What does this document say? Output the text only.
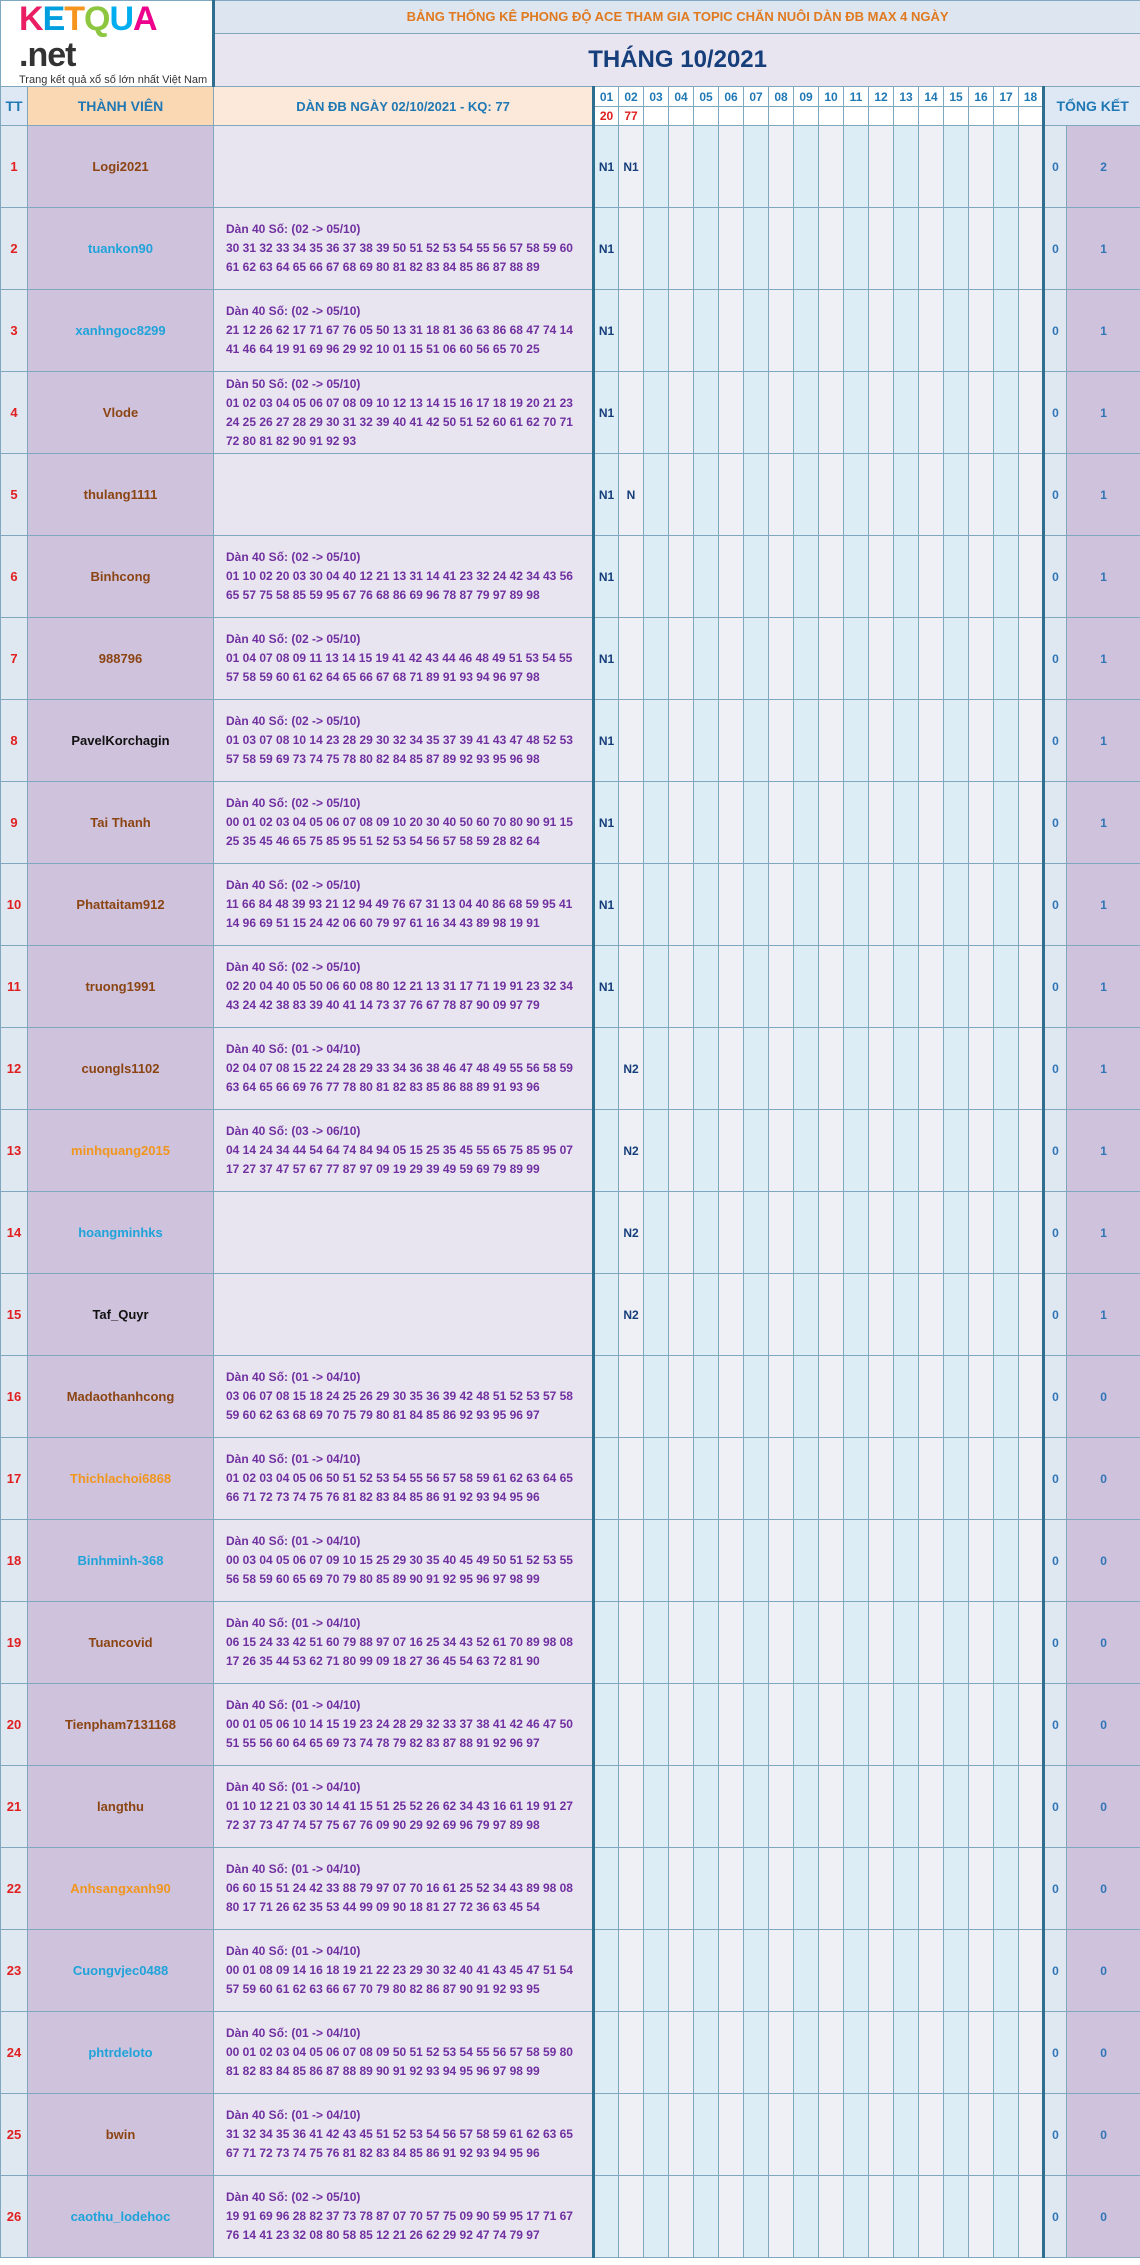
KETQUA.net
Trang kết quả xổ số lớn nhất Việt Nam		BẢNG THỐNG KÊ PHONG ĐỘ ACE THAM GIA TOPIC CHĂN NUÔI DÀN ĐB MAX 4 NGÀY																				
		THÁNG 10/2021																				
TT	THÀNH VIÊN	DÀN ĐB NGÀY 02/10/2021 - KQ: 77	01	02	03	04	05	06	07	08	09	10	11	12	13	14	15	16	17	18	TỔNG KẾT	
			20	77																		
1	Logi2021		N1	N1																	0	2
2	tuankon90	Dàn 40 Số: (02 -> 05/10)
30 31 32 33 34 35 36 37 38 39 50 51 52 53 54 55 56 57 58 59 60
61 62 63 64 65 66 67 68 69 80 81 82 83 84 85 86 87 88 89	N1																		0	1
3	xanhngoc8299	Dàn 40 Số: (02 -> 05/10)
21 12 26 62 17 71 67 76 05 50 13 31 18 81 36 63 86 68 47 74 14
41 46 64 19 91 69 96 29 92 10 01 15 51 06 60 56 65 70 25	N1																		0	1
4	Vlode	Dàn 50 Số: (02 -> 05/10)
01 02 03 04 05 06 07 08 09 10 12 13 14 15 16 17 18 19 20 21 23
24 25 26 27 28 29 30 31 32 39 40 41 42 50 51 52 60 61 62 70 71
72 80 81 82 90 91 92 93	N1																		0	1
5	thulang1111		N1	N																	0	1
6	Binhcong	Dàn 40 Số: (02 -> 05/10)
01 10 02 20 03 30 04 40 12 21 13 31 14 41 23 32 24 42 34 43 56
65 57 75 58 85 59 95 67 76 68 86 69 96 78 87 79 97 89 98	N1																		0	1
7	988796	Dàn 40 Số: (02 -> 05/10)
01 04 07 08 09 11 13 14 15 19 41 42 43 44 46 48 49 51 53 54 55
57 58 59 60 61 62 64 65 66 67 68 71 89 91 93 94 96 97 98	N1																		0	1
8	PavelKorchagin	Dàn 40 Số: (02 -> 05/10)
01 03 07 08 10 14 23 28 29 30 32 34 35 37 39 41 43 47 48 52 53
57 58 59 69 73 74 75 78 80 82 84 85 87 89 92 93 95 96 98	N1																		0	1
9	Tai Thanh	Dàn 40 Số: (02 -> 05/10)
00 01 02 03 04 05 06 07 08 09 10 20 30 40 50 60 70 80 90 91 15
25 35 45 46 65 75 85 95 51 52 53 54 56 57 58 59 28 82 64	N1																		0	1
10	Phattaitam912	Dàn 40 Số: (02 -> 05/10)
11 66 84 48 39 93 21 12 94 49 76 67 31 13 04 40 86 68 59 95 41
14 96 69 51 15 24 42 06 60 79 97 61 16 34 43 89 98 19 91	N1																		0	1
11	truong1991	Dàn 40 Số: (02 -> 05/10)
02 20 04 40 05 50 06 60 08 80 12 21 13 31 17 71 19 91 23 32 34
43 24 42 38 83 39 40 41 14 73 37 76 67 78 87 90 09 97 79	N1																		0	1
12	cuongls1102	Dàn 40 Số: (01 -> 04/10)
02 04 07 08 15 22 24 28 29 33 34 36 38 46 47 48 49 55 56 58 59
63 64 65 66 69 76 77 78 80 81 82 83 85 86 88 89 91 93 96		N2																	0	1
13	minhquang2015	Dàn 40 Số: (03 -> 06/10)
04 14 24 34 44 54 64 74 84 94 05 15 25 35 45 55 65 75 85 95 07
17 27 37 47 57 67 77 87 97 09 19 29 39 49 59 69 79 89 99		N2																	0	1
14	hoangminhks			N2																	0	1
15	Taf_Quyr			N2																	0	1
16	Madaothanhcong	Dàn 40 Số: (01 -> 04/10)
03 06 07 08 15 18 24 25 26 29 30 35 36 39 42 48 51 52 53 57 58
59 60 62 63 68 69 70 75 79 80 81 84 85 86 92 93 95 96 97																			0	0
17	Thichlachoi6868	Dàn 40 Số: (01 -> 04/10)
01 02 03 04 05 06 50 51 52 53 54 55 56 57 58 59 61 62 63 64 65
66 71 72 73 74 75 76 81 82 83 84 85 86 91 92 93 94 95 96																			0	0
18	Binhminh-368	Dàn 40 Số: (01 -> 04/10)
00 03 04 05 06 07 09 10 15 25 29 30 35 40 45 49 50 51 52 53 55
56 58 59 60 65 69 70 79 80 85 89 90 91 92 95 96 97 98 99																			0	0
19	Tuancovid	Dàn 40 Số: (01 -> 04/10)
06 15 24 33 42 51 60 79 88 97 07 16 25 34 43 52 61 70 89 98 08
17 26 35 44 53 62 71 80 99 09 18 27 36 45 54 63 72 81 90																			0	0
20	Tienpham7131168	Dàn 40 Số: (01 -> 04/10)
00 01 05 06 10 14 15 19 23 24 28 29 32 33 37 38 41 42 46 47 50
51 55 56 60 64 65 69 73 74 78 79 82 83 87 88 91 92 96 97																			0	0
21	langthu	Dàn 40 Số: (01 -> 04/10)
01 10 12 21 03 30 14 41 15 51 25 52 26 62 34 43 16 61 19 91 27
72 37 73 47 74 57 75 67 76 09 90 29 92 69 96 79 97 89 98																			0	0
22	Anhsangxanh90	Dàn 40 Số: (01 -> 04/10)
06 60 15 51 24 42 33 88 79 97 07 70 16 61 25 52 34 43 89 98 08
80 17 71 26 62 35 53 44 99 09 90 18 81 27 72 36 63 45 54																			0	0
23	Cuongvjec0488	Dàn 40 Số: (01 -> 04/10)
00 01 08 09 14 16 18 19 21 22 23 29 30 32 40 41 43 45 47 51 54
57 59 60 61 62 63 66 67 70 79 80 82 86 87 90 91 92 93 95																			0	0
24	phtrdeloto	Dàn 40 Số: (01 -> 04/10)
00 01 02 03 04 05 06 07 08 09 50 51 52 53 54 55 56 57 58 59 80
81 82 83 84 85 86 87 88 89 90 91 92 93 94 95 96 97 98 99																			0	0
25	bwin	Dàn 40 Số: (01 -> 04/10)
31 32 34 35 36 41 42 43 45 51 52 53 54 56 57 58 59 61 62 63 65
67 71 72 73 74 75 76 81 82 83 84 85 86 91 92 93 94 95 96																			0	0
26	caothu_lodehoc	Dàn 40 Số: (02 -> 05/10)
19 91 69 96 28 82 37 73 78 87 07 70 57 75 09 90 59 95 17 71 67
76 14 41 23 32 08 80 58 85 12 21 26 62 29 92 47 74 79 97																			0	0
